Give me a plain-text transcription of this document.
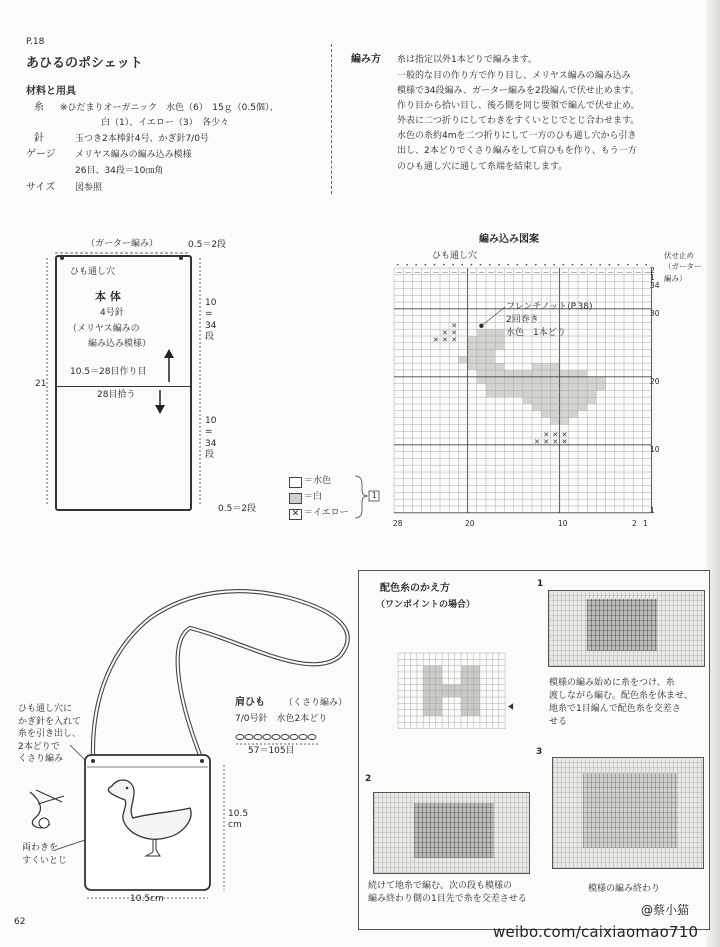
P.18
あひるのポシェット
材料と用具
糸 ※ひだまりオーガニック　水色（6）　15ｇ（0.5個）、
白（1）、イエロー（3）　各少々
針	玉つき2本棒針4号、かぎ針7/0号
ゲージ メリヤス編みの編み込み模様
26目、34段＝10㎝角
サイズ 図参照
編み方 糸は指定以外1本どりで編みます。
一般的な目の作り方で作り目し、メリヤス編みの編み込み
模様で34段編み、ガーター編みを2段編んで伏せ止めます。
作り目から拾い目し、後ろ側を同じ要領で編んで伏せ止め。
外表に二つ折りにしてわきをすくいとじでとじ合わせます。
水色の糸約4mを二つ折りにして一方のひも通し穴から引き
出し、2本どりでくさり編みをして肩ひもを作り、もう一方
のひも通し穴に通して糸端を結束します。
（ガーター編み）
ひも通し穴
0.5＝2段
本 体
4号針
（メリヤス編みの
編み込み模様）
10.5＝28目作り目
28目拾う
21
10
=
34
段
10
=
34
段
0.5＝2段
編み込み図案
ひも通し穴	伏せ止め
（ガーター
編み）
フレンチノット(P.38)
2回巻き
水色　1本どり
—
•
—
•
—
•
—
•
—
•
—
•
—
•
—
•
—
•
—
•
—
•
—
•
—
•
—
•
—
•
—
•
—
•
—
•
—
•
—
•
—
•
—
•
—
•
—
•
—
•
—
•
—
•
—
•
✕
✕ ✕
✕ ✕ ✕
✕ ✕ ✕
✕ ✕ ✕ ✕
2
1
34
30
20
10
1
28	20	10	2 1
＝水色
＝白
✕ ＝イエロー
1
ひも通し穴に
かぎ針を入れて
糸を引き出し、
2本どりで
くさり編み
両わきを
すくいとじ
10.5
cm
10.5cm
肩ひも （くさり編み）
7/0号針　水色2本どり
57＝105目
配色糸のかえ方
（ワンポイントの場合）
1
模様の編み始めに糸をつけ、糸
渡しながら編む。配色糸を休ませ、
地糸で1目編んで配色糸を交差さ
せる
2
続けて地糸で編む。次の段も模様の
編み終わり側の1目先で糸を交差させる
3
模様の編み終わり
62
@蔡小猫
weibo.com/caixiaomao710
